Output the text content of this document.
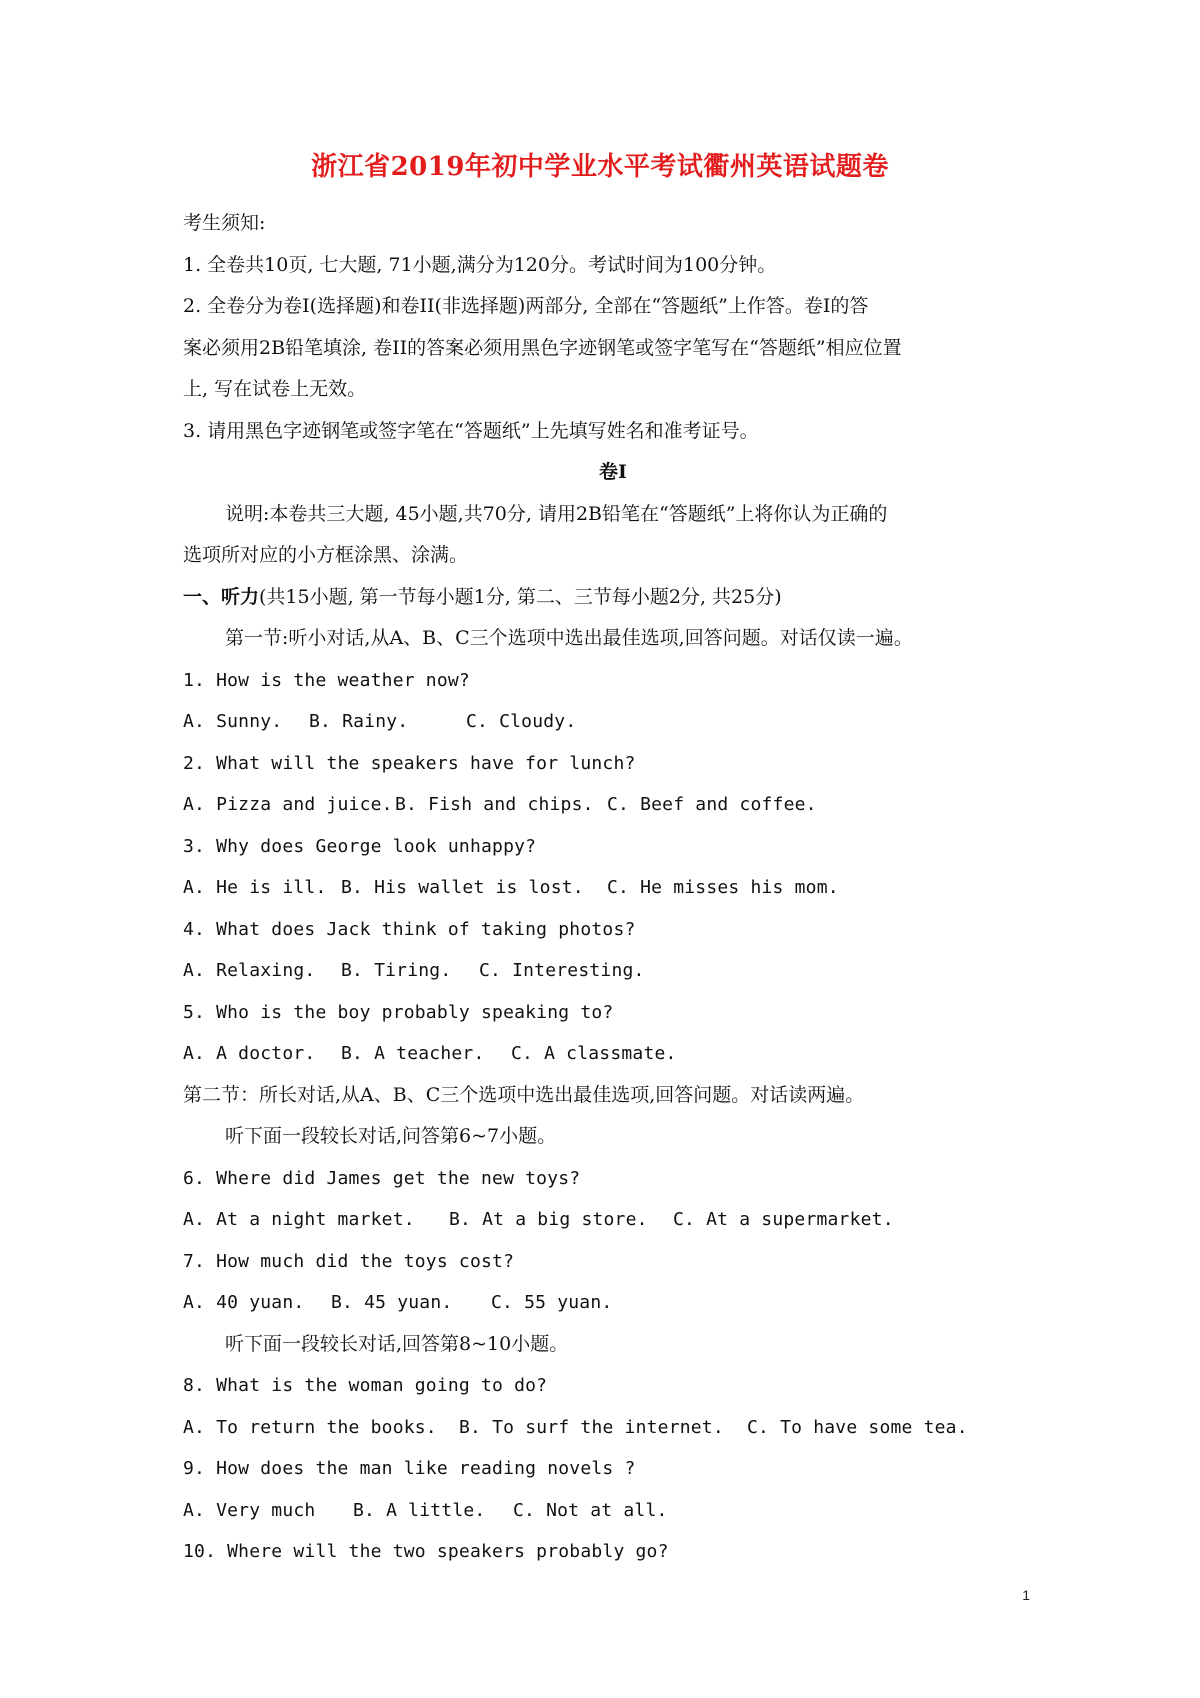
浙江省2019年初中学业水平考试衢州英语试题卷
考生须知:
1. 全卷共10页, 七大题, 71小题,满分为120分。考试时间为100分钟。
2. 全卷分为卷I(选择题)和卷II(非选择题)两部分, 全部在“答题纸”上作答。卷I的答
案必须用2B铅笔填涂, 卷II的答案必须用黑色字迹钢笔或签字笔写在“答题纸”相应位置
上, 写在试卷上无效。
3. 请用黑色字迹钢笔或签字笔在“答题纸”上先填写姓名和准考证号。
卷I
说明:本卷共三大题, 45小题,共70分, 请用2B铅笔在“答题纸”上将你认为正确的
选项所对应的小方框涂黑、涂满。
一、听力(共15小题, 第一节每小题1分, 第二、三节每小题2分, 共25分)
第一节:听小对话,从A、B、C三个选项中选出最佳选项,回答问题。对话仅读一遍。
1. How is the weather now?
A. Sunny. B. Rainy.	C. Cloudy.
2. What will the speakers have for lunch?
A. Pizza and juice. B. Fish and chips. C. Beef and coffee.
3. Why does George look unhappy?
A. He is ill. B. His wallet is lost. C. He misses his mom.
4. What does Jack think of taking photos?
A. Relaxing. B. Tiring. C. Interesting.
5. Who is the boy probably speaking to?
A. A doctor. B. A teacher. C. A classmate.
第二节：所长对话,从A、B、C三个选项中选出最佳选项,回答问题。对话读两遍。
听下面一段较长对话,问答第6~7小题。
6. Where did James get the new toys?
A. At a night market. B. At a big store. C. At a supermarket.
7. How much did the toys cost?
A. 40 yuan. B. 45 yuan. C. 55 yuan.
听下面一段较长对话,回答第8~10小题。
8. What is the woman going to do?
A. To return the books. B. To surf the internet. C. To have some tea.
9. How does the man like reading novels ?
A. Very much B. A little. C. Not at all.
10. Where will the two speakers probably go?
1
